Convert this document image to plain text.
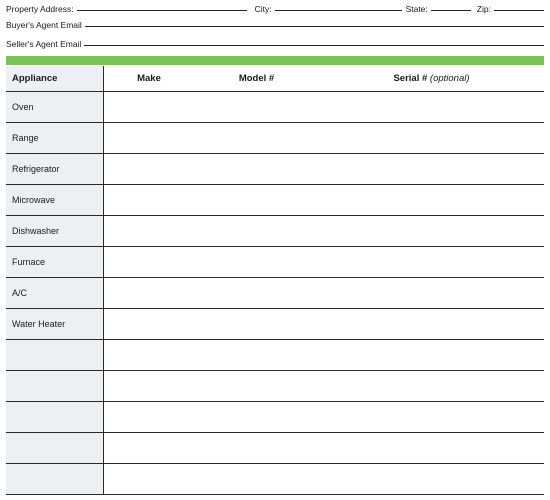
Property Address:	City:	State:	Zip:
Buyer's Agent Email
Seller's Agent Email
Appliance	Make	Model #	Serial # (optional)
Oven			
Range			
Refrigerator			
Microwave			
Dishwasher			
Furnace			
A/C			
Water Heater			
